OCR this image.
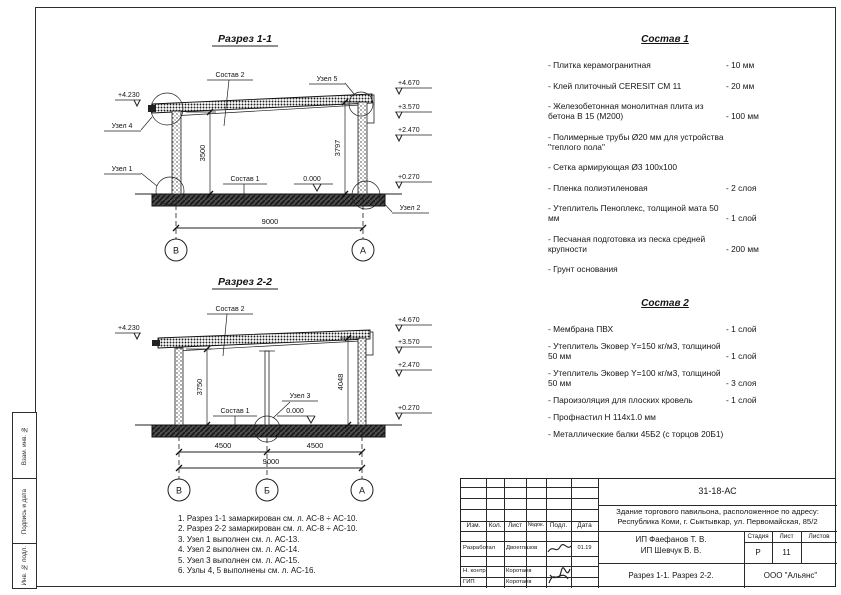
Взам. инв. №
Подпись и дата
Инв. № подл.
Разрез 1-1
Узел 4
Узел 1
Узел 2
Узел 5
Состав 2
Состав 1	0.000
+4.230
+4.670
+3.570
+2.470
+0.270
3500	3797
9000
В	А
Разрез 2-2
Узел 3
Состав 2
Состав 1	0.000
+4.230
+4.670
+3.570
+2.470
+0.270
3750	4048
4500	4500
9000
В	Б	А
Состав 1
- Плитка керамогранитная	- 10 мм
- Клей плиточный CERESIT СМ 11	- 20 мм
- Железобетонная монолитная плита из бетона В 15 (М200)	- 100 мм
- Полимерные трубы Ø20 мм для устройства "теплого пола"
- Сетка армирующая Ø3 100х100
- Пленка полиэтиленовая	- 2 слоя
- Утеплитель Пеноплекс, толщиной мата 50 мм	- 1 слой
- Песчаная подготовка из песка средней крупности	- 200 мм
- Грунт основания
Состав 2
- Мембрана ПВХ	- 1 слой
- Утеплитель Эковер Y=150 кг/м3, толщиной 50 мм	- 1 слой
- Утеплитель Эковер Y=100 кг/м3, толщиной 50 мм	- 3 слоя
- Пароизоляция для плоских кровель	- 1 слой
- Профнастил Н 114х1.0 мм
- Металлические балки 45Б2 (с торцов 20Б1)
1. Разрез 1-1 замаркирован см. л. АС-8 ÷ АС-10.
2. Разрез 2-2 замаркирован см. л. АС-8 ÷ АС-10.
3. Узел 1 выполнен см. л. АС-13.
4. Узел 2 выполнен см. л. АС-14.
5. Узел 3 выполнен см. л. АС-15.
6. Узлы 4, 5 выполнены см. л. АС-16.
Изм.	Кол.	Лист	№док. Подл.	Дата
Разработал	Двоеглазов	01.19
Н. контр.	Коротаев
ГИП	Коротаев
31-18-АС
Здание торгового павильона, расположенное по адресу:
Республика Коми, г. Сыктывкар, ул. Первомайская, 85/2
ИП Фаефанов Т. В.
ИП Шевчук В. В.
Стадия	Лист	Листов
Р	11
Разрез 1-1. Разрез 2-2.	ООО "Альянс"
